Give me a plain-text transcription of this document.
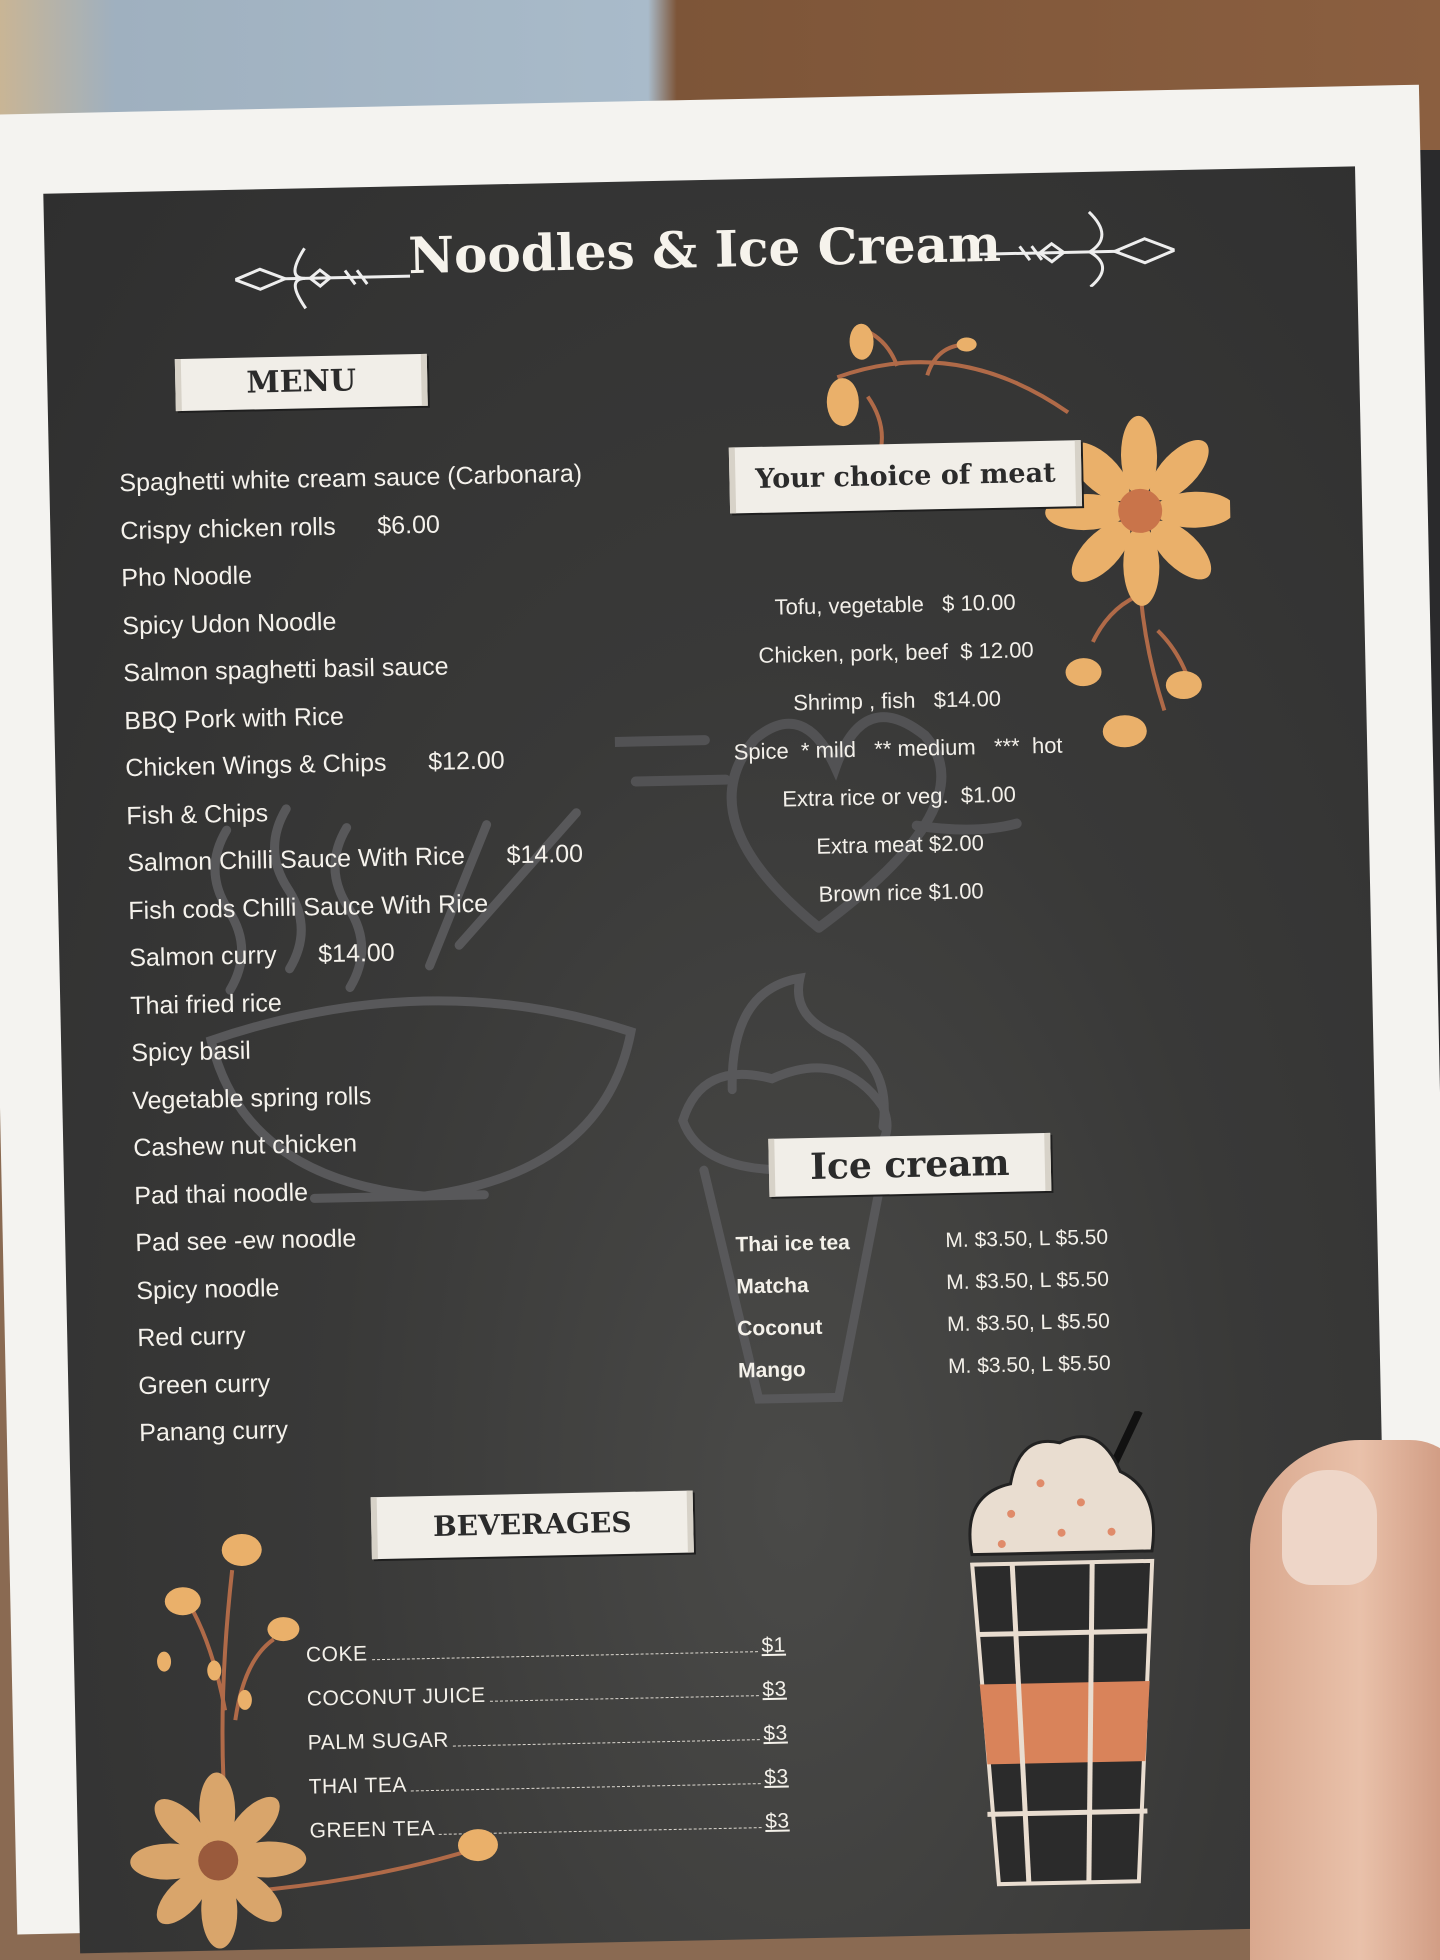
Noodles & Ice Cream
MENU
Spaghetti white cream sauce (Carbonara)
Crispy chicken rolls      $6.00
Pho Noodle
Spicy Udon Noodle
Salmon spaghetti basil sauce
BBQ Pork with Rice
Chicken Wings & Chips      $12.00
Fish & Chips
Salmon Chilli Sauce With Rice      $14.00
Fish cods Chilli Sauce With Rice
Salmon curry      $14.00
Thai fried rice
Spicy basil
Vegetable spring rolls
Cashew nut chicken
Pad thai noodle
Pad see -ew noodle
Spicy noodle
Red curry
Green curry
Panang curry
Your choice of meat
Tofu, vegetable   $ 10.00
Chicken, pork, beef  $ 12.00
Shrimp , fish   $14.00
Spice  * mild   ** medium   ***  hot
Extra rice or veg.  $1.00
Extra meat $2.00
Brown rice $1.00
Ice cream
Thai ice tea	M. $3.50, L $5.50
Matcha	M. $3.50, L $5.50
Coconut	M. $3.50, L $5.50
Mango	M. $3.50, L $5.50
BEVERAGES
COKE	$1
COCONUT JUICE	$3
PALM SUGAR	$3
THAI TEA	$3
GREEN TEA	$3
